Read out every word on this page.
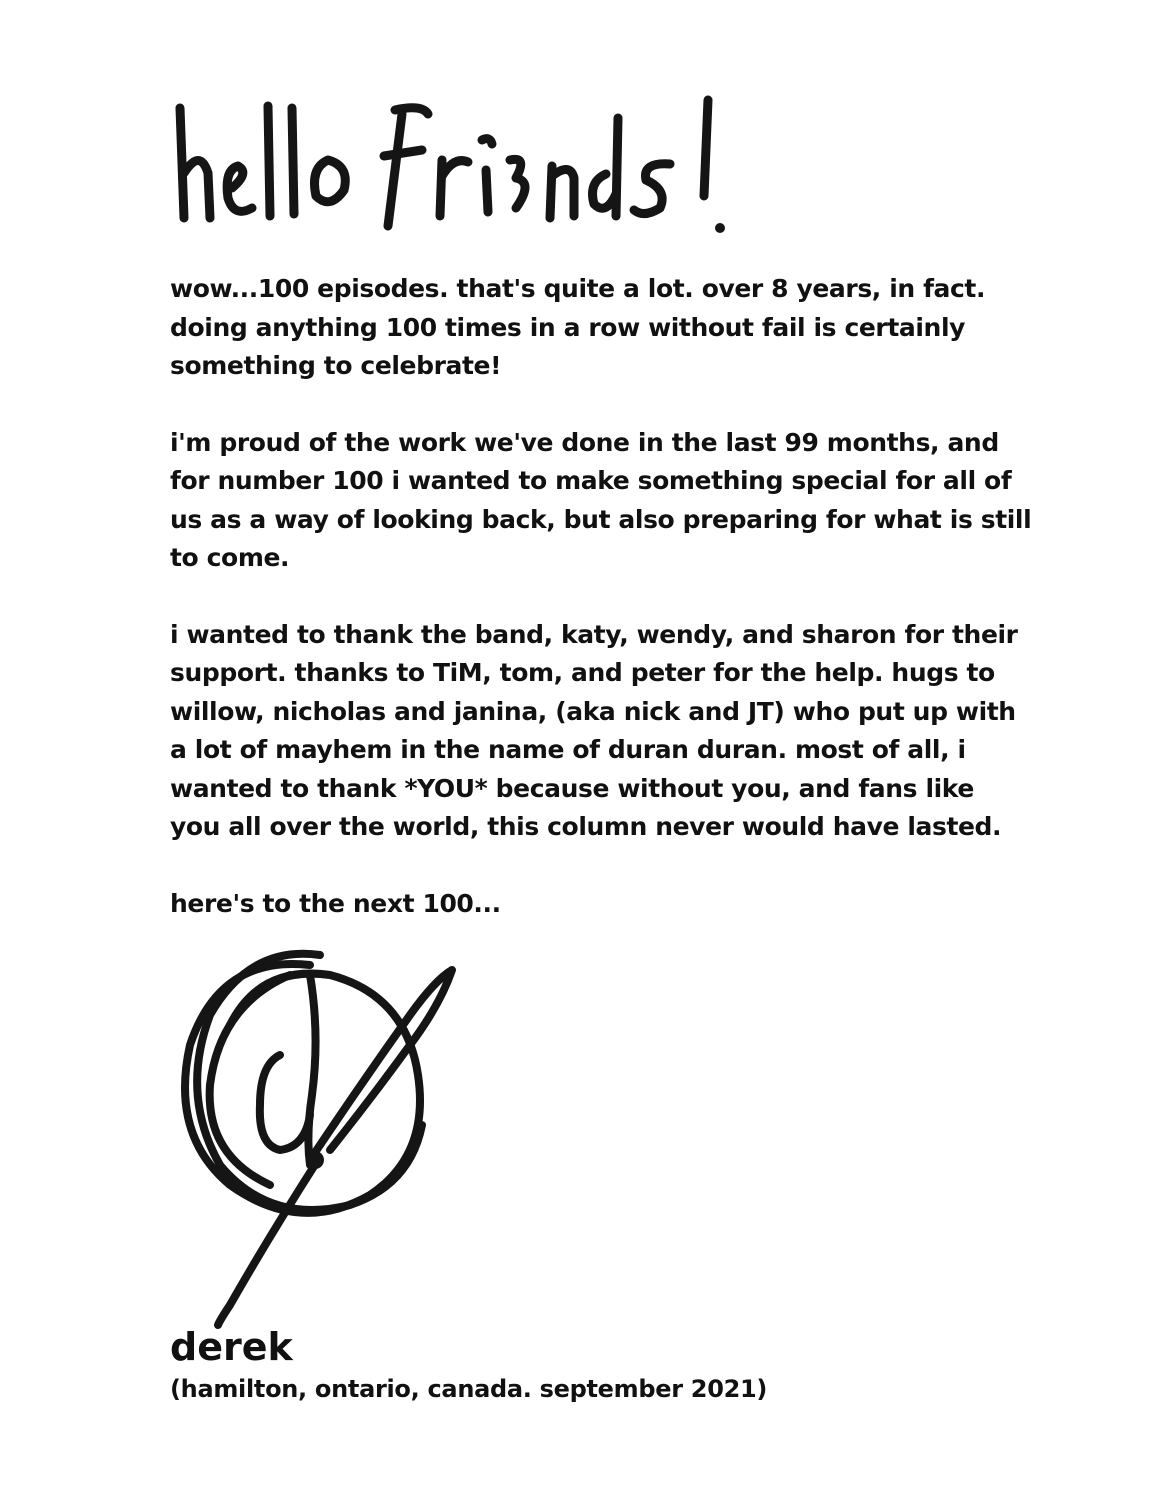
wow...100 episodes. that's quite a lot. over 8 years, in fact.
doing anything 100 times in a row without fail is certainly
something to celebrate!

i'm proud of the work we've done in the last 99 months, and
for number 100 i wanted to make something special for all of
us as a way of looking back, but also preparing for what is still
to come.

i wanted to thank the band, katy, wendy, and sharon for their
support. thanks to TiM, tom, and peter for the help. hugs to
willow, nicholas and janina, (aka nick and JT) who put up with
a lot of mayhem in the name of duran duran. most of all, i
wanted to thank *YOU* because without you, and fans like
you all over the world, this column never would have lasted.

here's to the next 100...

derek
(hamilton, ontario, canada. september 2021)
